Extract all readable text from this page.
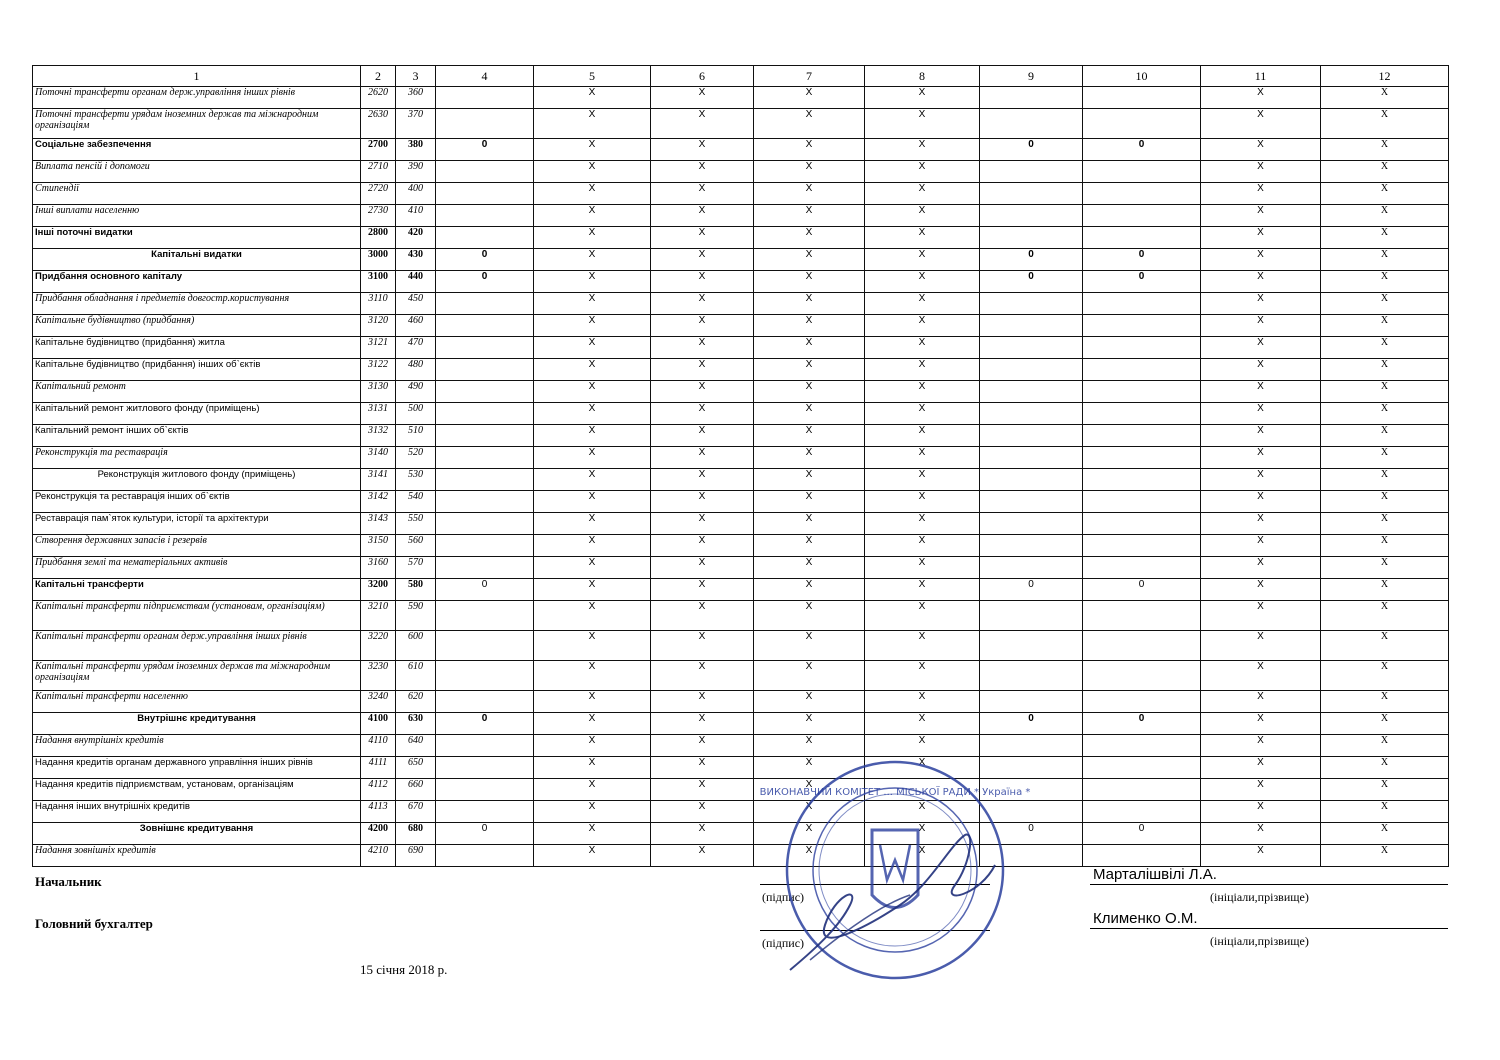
1	2	3	4	5	6	7	8	9	10	11	12
Поточні трансферти органам держ.управління інших рівнів	2620	360		X	X	X	X			X	X
Поточні трансферти урядам іноземних держав та міжнародним організаціям	2630	370		X	X	X	X			X	X
Соціальне забезпечення	2700	380	0	X	X	X	X	0	0	X	X
Виплата пенсій і допомоги	2710	390		X	X	X	X			X	X
Стипендії	2720	400		X	X	X	X			X	X
Інші виплати населенню	2730	410		X	X	X	X			X	X
Інші поточні видатки	2800	420		X	X	X	X			X	X
Капітальні видатки	3000	430	0	X	X	X	X	0	0	X	X
Придбання основного капіталу	3100	440	0	X	X	X	X	0	0	X	X
Придбання обладнання і предметів довгостр.користування	3110	450		X	X	X	X			X	X
Капітальне будівництво (придбання)	3120	460		X	X	X	X			X	X
Капітальне будівництво (придбання) житла	3121	470		X	X	X	X			X	X
Капітальне будівництво (придбання) інших об`єктів	3122	480		X	X	X	X			X	X
Капітальний ремонт	3130	490		X	X	X	X			X	X
Капітальний ремонт житлового фонду (приміщень)	3131	500		X	X	X	X			X	X
Капітальний ремонт інших об`єктів	3132	510		X	X	X	X			X	X
Реконструкція та реставрація	3140	520		X	X	X	X			X	X
Реконструкція житлового фонду (приміщень)	3141	530		X	X	X	X			X	X
Реконструкція та реставрація інших об`єктів	3142	540		X	X	X	X			X	X
Реставрація пам`яток культури, історії та архітектури	3143	550		X	X	X	X			X	X
Створення державних запасів і резервів	3150	560		X	X	X	X			X	X
Придбання землі та нематеріальних активів	3160	570		X	X	X	X			X	X
Капітальні трансферти	3200	580	0	X	X	X	X	0	0	X	X
Капітальні трансферти підприємствам (установам, організаціям)	3210	590		X	X	X	X			X	X
Капітальні трансферти органам держ.управління інших рівнів	3220	600		X	X	X	X			X	X
Капітальні трансферти урядам іноземних держав та міжнародним організаціям	3230	610		X	X	X	X			X	X
Капітальні трансферти населенню	3240	620		X	X	X	X			X	X
Внутрішнє кредитування	4100	630	0	X	X	X	X	0	0	X	X
Надання внутрішніх кредитів	4110	640		X	X	X	X			X	X
Надання кредитів органам державного управління інших рівнів	4111	650		X	X	X	X			X	X
Надання кредитів підприємствам, установам, організаціям	4112	660		X	X	X				X	X
Надання інших внутрішніх кредитів	4113	670		X	X	X	X			X	X
Зовнішнє кредитування	4200	680	0	X	X	X	X	0	0	X	X
Надання зовнішніх кредитів	4210	690		X	X	X	X			X	X
Начальник
Головний бухгалтер
(підпис)
(підпис)
Марталішвілі Л.А.
(ініціали,прізвище)
Клименко О.М.
(ініціали,прізвище)
15 січня 2018 р.
ВИКОНАВЧИЙ КОМІТЕТ ... МІСЬКОЇ РАДИ * Україна *
